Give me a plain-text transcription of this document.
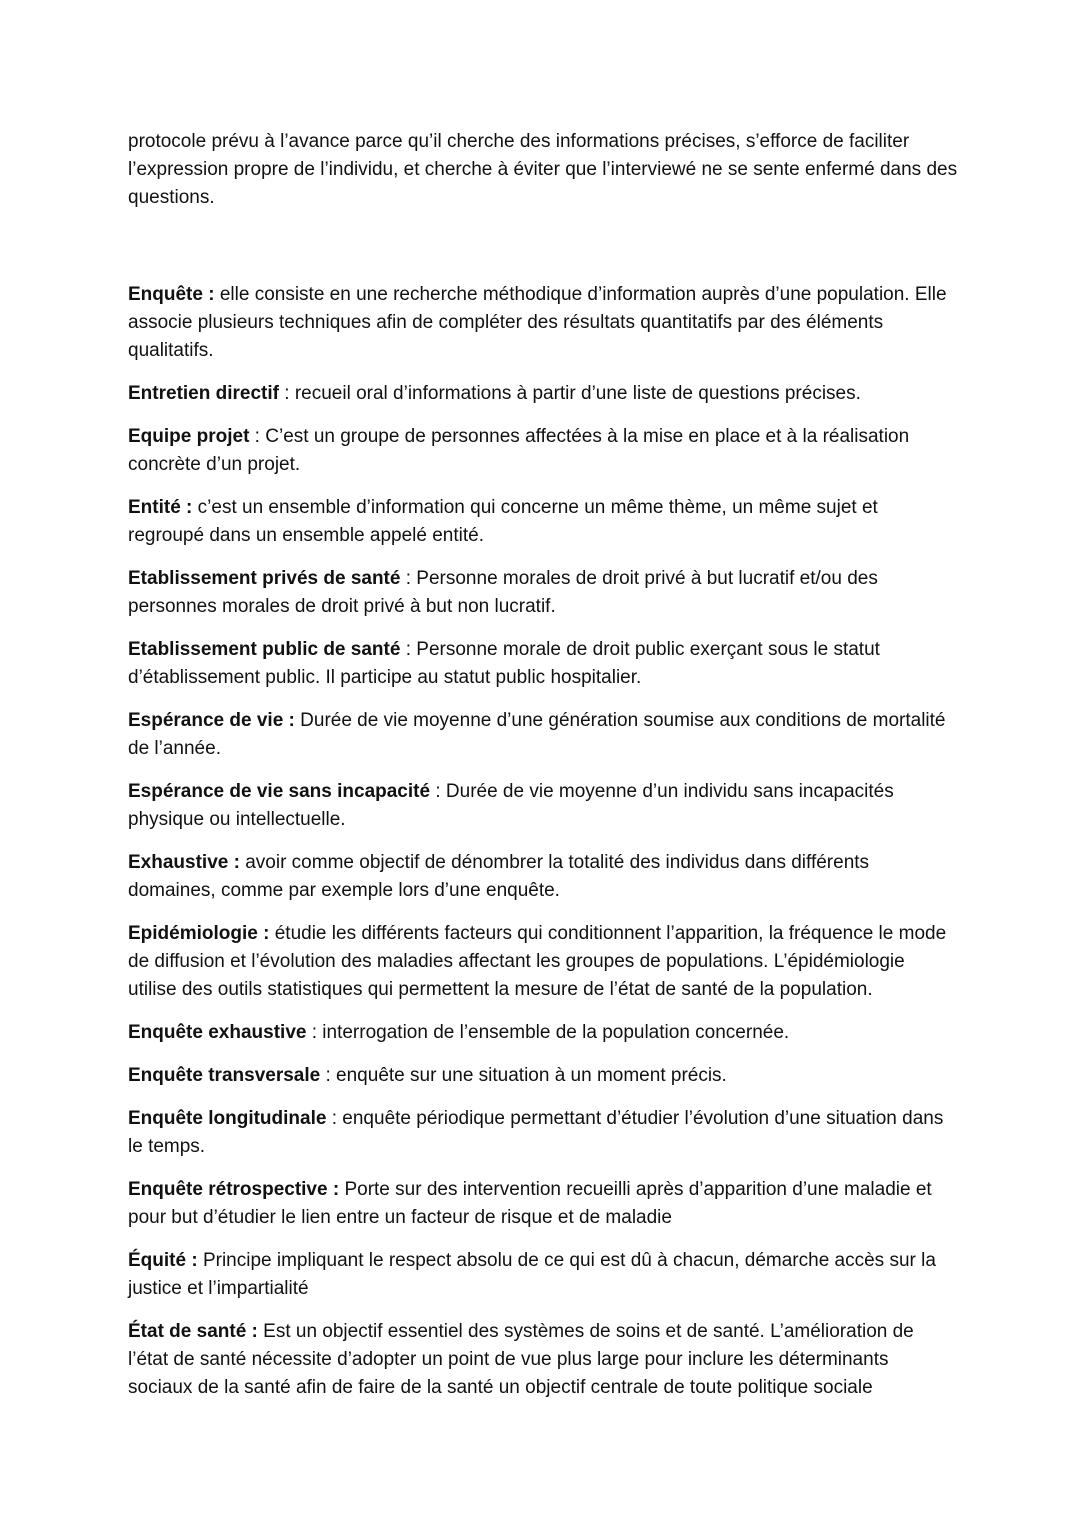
protocole prévu à l’avance parce qu’il cherche des informations précises, s’efforce de faciliter l’expression propre de l’individu, et cherche à éviter que l’interviewé ne se sente enfermé dans des questions.

Enquête : elle consiste en une recherche méthodique d’information auprès d’une population. Elle associe plusieurs techniques afin de compléter des résultats quantitatifs par des éléments qualitatifs.

Entretien directif : recueil oral d’informations à partir d’une liste de questions précises.

Equipe projet : C’est un groupe de personnes affectées à la mise en place et à la réalisation concrète d’un projet.

Entité : c’est un ensemble d’information qui concerne un même thème, un même sujet et regroupé dans un ensemble appelé entité.

Etablissement privés de santé : Personne morales de droit privé à but lucratif et/ou des personnes morales de droit privé à but non lucratif.

Etablissement public de santé : Personne morale de droit public exerçant sous le statut d’établissement public. Il participe au statut public hospitalier.

Espérance de vie : Durée de vie moyenne d’une génération soumise aux conditions de mortalité de l’année.

Espérance de vie sans incapacité : Durée de vie moyenne d’un individu sans incapacités physique ou intellectuelle.

Exhaustive : avoir comme objectif de dénombrer la totalité des individus dans différents domaines, comme par exemple lors d’une enquête.

Epidémiologie : étudie les différents facteurs qui conditionnent l’apparition, la fréquence le mode de diffusion et l’évolution des maladies affectant les groupes de populations. L’épidémiologie utilise des outils statistiques qui permettent la mesure de l’état de santé de la population.

Enquête exhaustive : interrogation de l’ensemble de la population concernée.

Enquête transversale : enquête sur une situation à un moment précis.

Enquête longitudinale : enquête périodique permettant d’étudier l’évolution d’une situation dans le temps.

Enquête rétrospective : Porte sur des intervention recueilli après d’apparition d’une maladie et pour but d’étudier le lien entre un facteur de risque et de maladie

Équité : Principe impliquant le respect absolu de ce qui est dû à chacun, démarche accès sur la justice et l’impartialité

État de santé : Est un objectif essentiel des systèmes de soins et de santé. L’amélioration de l’état de santé nécessite d’adopter un point de vue plus large pour inclure les déterminants sociaux de la santé afin de faire de la santé un objectif centrale de toute politique sociale
